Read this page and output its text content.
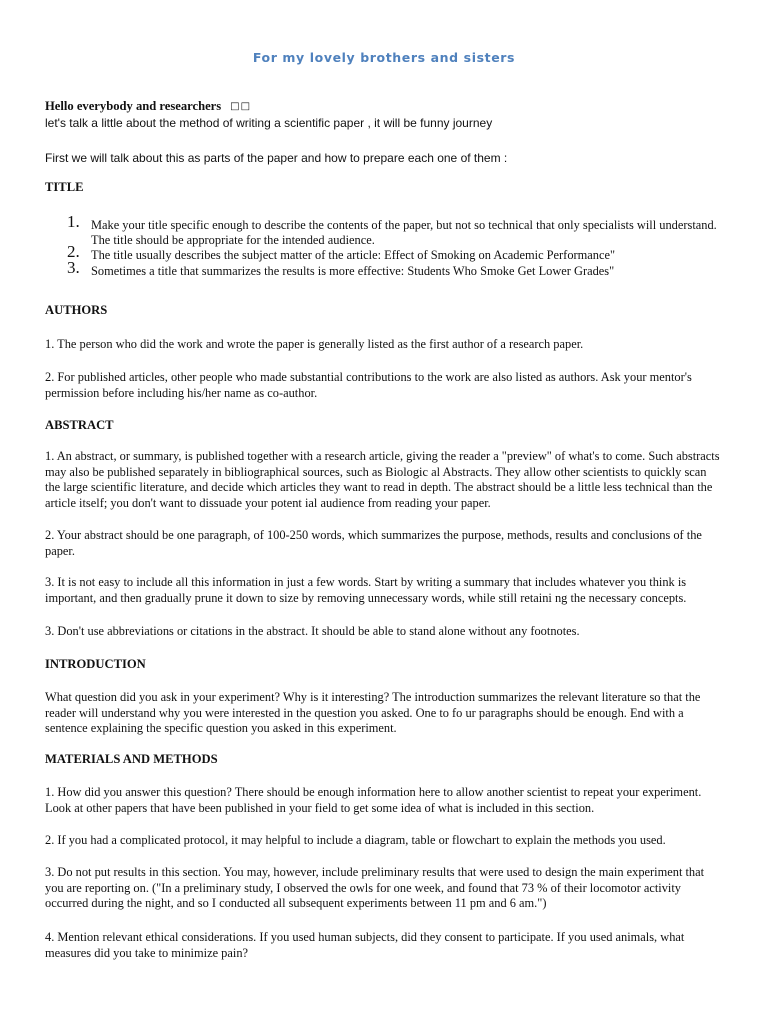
For my lovely brothers and sisters
Hello everybody and researchers □□
let's talk a little about the method of writing a scientific paper , it will be funny journey
First we will talk about this as parts of the paper and how to prepare each one of them :
TITLE
1. Make your title specific enough to describe the contents of the paper, but not so technical that only specialists will understand. The title should be appropriate for the intended audience.
2. The title usually describes the subject matter of the article: Effect of Smoking on Academic Performance"
3. Sometimes a title that summarizes the results is more effective: Students Who Smoke Get Lower Grades"
AUTHORS
1. The person who did the work and wrote the paper is generally listed as the first author of a research paper.
2. For published articles, other people who made substantial contributions to the work are also listed as authors. Ask your mentor's permission before including his/her name as co-author.
ABSTRACT
1. An abstract, or summary, is published together with a research article, giving the reader a "preview" of what's to come. Such abstracts may also be published separately in bibliographical sources, such as Biologic al Abstracts. They allow other scientists to quickly scan the large scientific literature, and decide which articles they want to read in depth. The abstract should be a little less technical than the article itself; you don't want to dissuade your potent ial audience from reading your paper.
2. Your abstract should be one paragraph, of 100-250 words, which summarizes the purpose, methods, results and conclusions of the paper.
3. It is not easy to include all this information in just a few words. Start by writing a summary that includes whatever you think is important, and then gradually prune it down to size by removing unnecessary words, while still retaini ng the necessary concepts.
3. Don't use abbreviations or citations in the abstract. It should be able to stand alone without any footnotes.
INTRODUCTION
What question did you ask in your experiment? Why is it interesting? The introduction summarizes the relevant literature so that the reader will understand why you were interested in the question you asked. One to fo ur paragraphs should be enough. End with a sentence explaining the specific question you asked in this experiment.
MATERIALS AND METHODS
1. How did you answer this question? There should be enough information here to allow another scientist to repeat your experiment. Look at other papers that have been published in your field to get some idea of what is included in this section.
2. If you had a complicated protocol, it may helpful to include a diagram, table or flowchart to explain the methods you used.
3. Do not put results in this section. You may, however, include preliminary results that were used to design the main experiment that you are reporting on. ("In a preliminary study, I observed the owls for one week, and found that 73 % of their locomotor activity occurred during the night, and so I conducted all subsequent experiments between 11 pm and 6 am.")
4. Mention relevant ethical considerations. If you used human subjects, did they consent to participate. If you used animals, what measures did you take to minimize pain?
